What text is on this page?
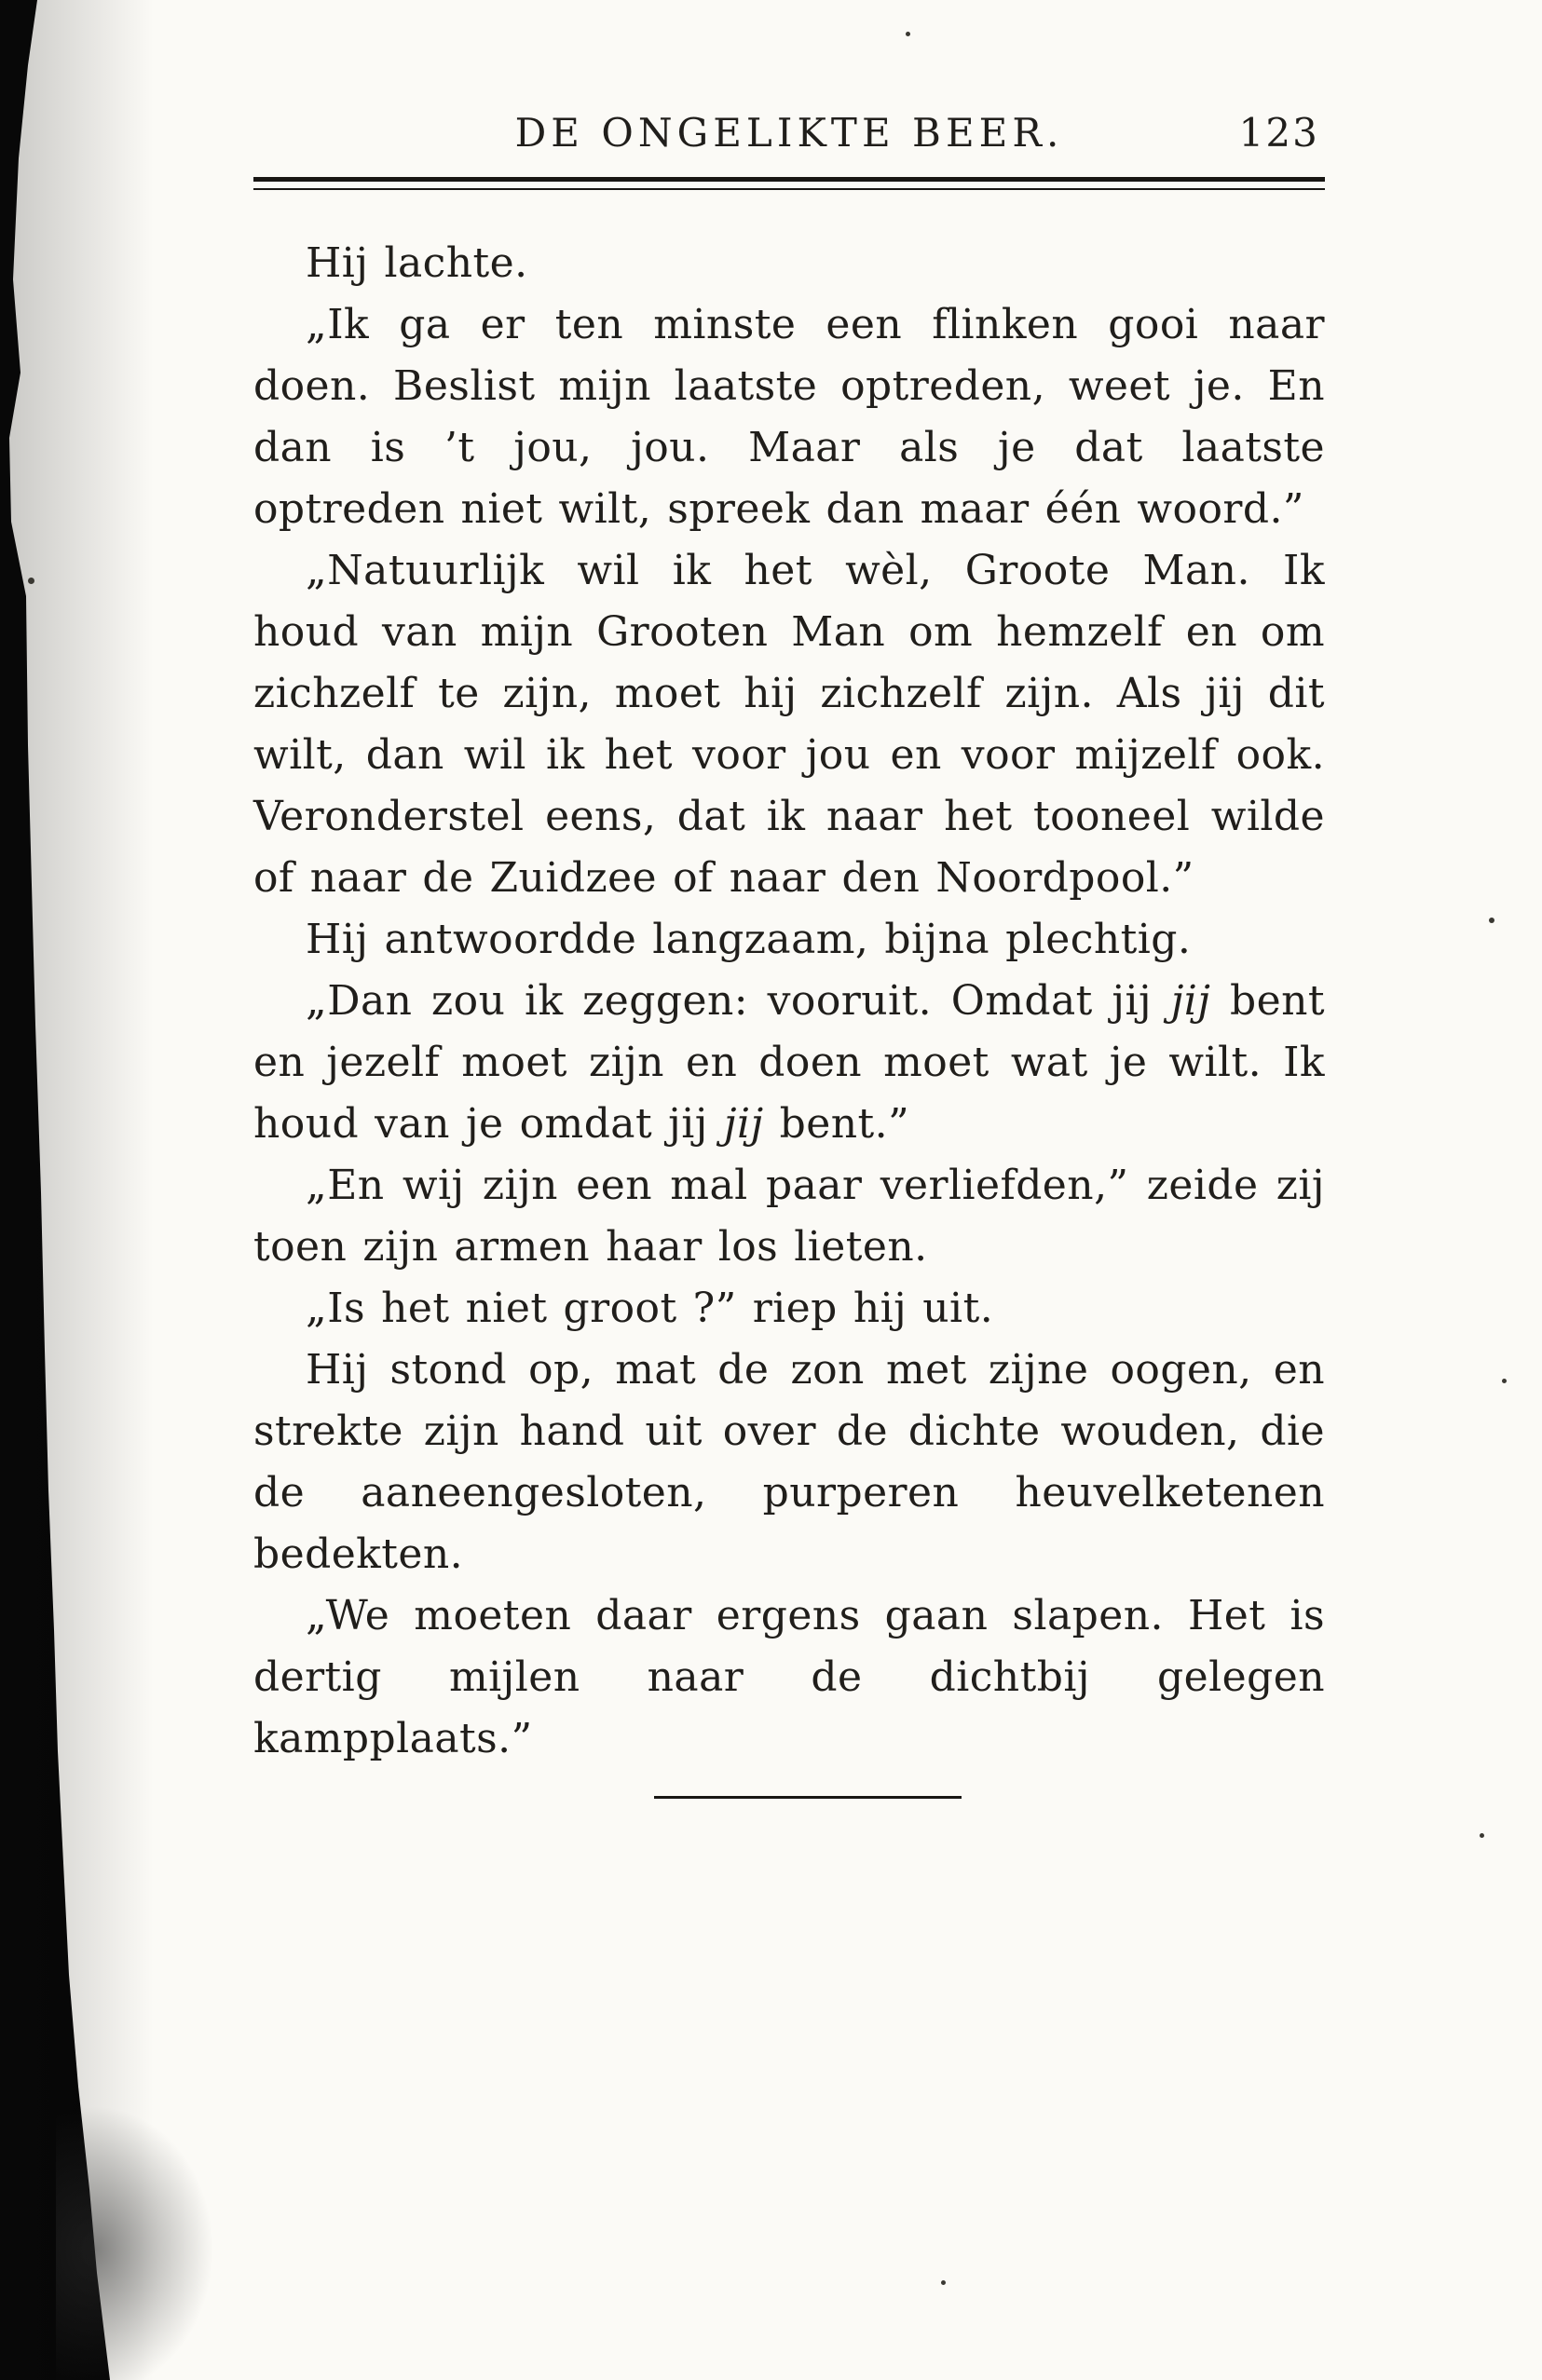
DE ONGELIKTE BEER.	123

Hij lachte.

„Ik ga er ten minste een flinken gooi naar doen. Beslist mijn laatste optreden, weet je. En dan is ’t jou, jou. Maar als je dat laatste optreden niet wilt, spreek dan maar één woord.”

„Natuurlijk wil ik het wèl, Groote Man. Ik houd van mijn Grooten Man om hemzelf en om zichzelf te zijn, moet hij zichzelf zijn. Als jij dit wilt, dan wil ik het voor jou en voor mijzelf ook. Veronderstel eens, dat ik naar het tooneel wilde of naar de Zuidzee of naar den Noordpool.”

Hij antwoordde langzaam, bijna plechtig.

„Dan zou ik zeggen: vooruit. Omdat jij jij bent en jezelf moet zijn en doen moet wat je wilt. Ik houd van je omdat jij jij bent.”

„En wij zijn een mal paar verliefden,” zeide zij toen zijn armen haar los lieten.

„Is het niet groot ?” riep hij uit.

Hij stond op, mat de zon met zijne oogen, en strekte zijn hand uit over de dichte wouden, die de aaneengesloten, purperen heuvelketenen bedekten.

„We moeten daar ergens gaan slapen. Het is dertig mijlen naar de dichtbij gelegen kampplaats.”
